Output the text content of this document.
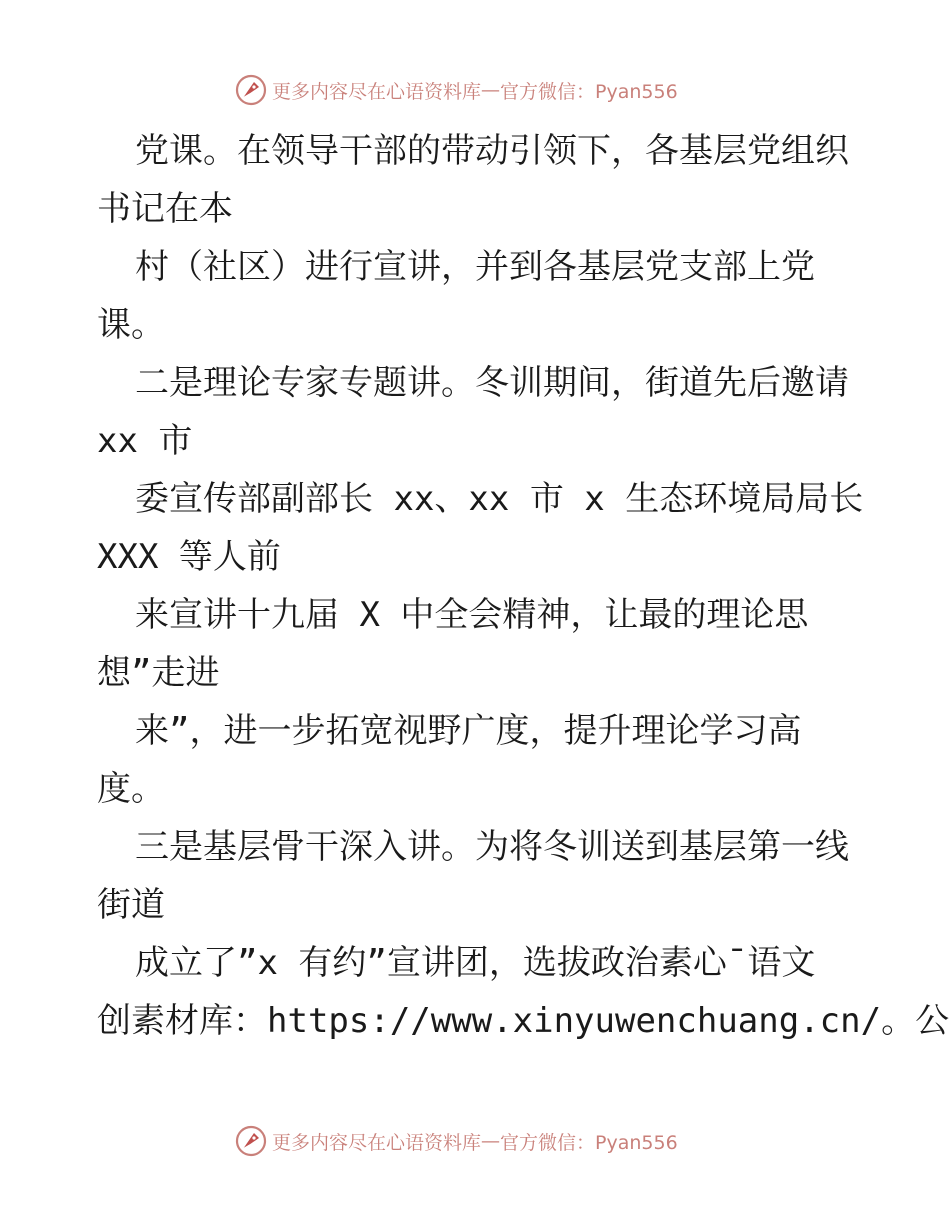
更多内容尽在心语资料库 — 官方微信：Pyan556
党课。在领导干部的带动引领下，各基层党组织
书记在本
村（社区）进行宣讲，并到各基层党支部上党
课。
二是理论专家专题讲。冬训期间，街道先后邀请
xx 市
委宣传部副部长 xx、xx 市 x 生态环境局局长
XXX 等人前
来宣讲十九届 X 中全会精神，让最的理论思
想”走进
来”，进一步拓宽视野广度，提升理论学习高
度。
三是基层骨干深入讲。为将冬训送到基层第一线
街道
成立了”x 有约”宣讲团，选拔政治素心¯语文
创素材库：https://www.xinyuwenchuang.cn/。公
更多内容尽在心语资料库 — 官方微信：Pyan556
